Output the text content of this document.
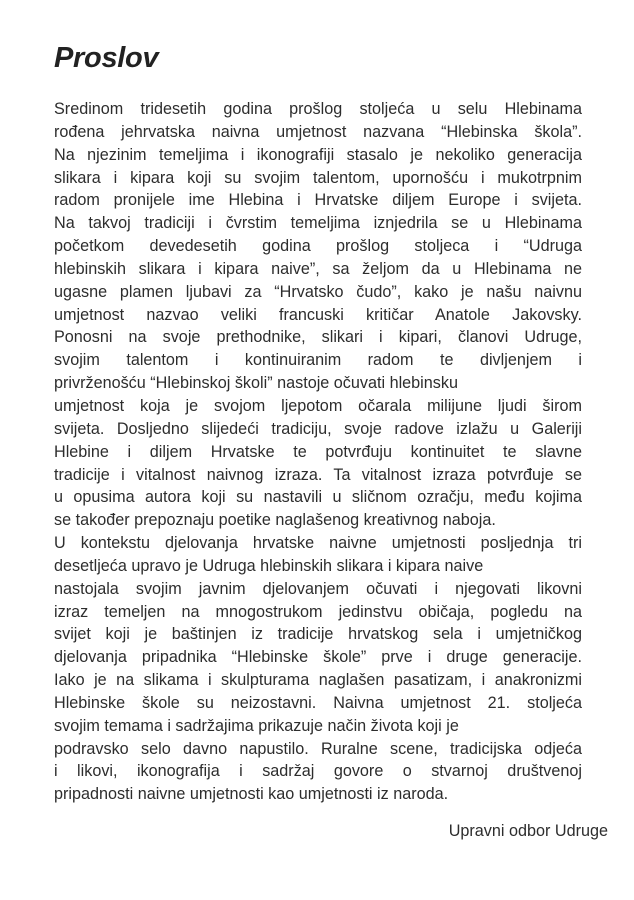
Proslov
Sredinom tridesetih godina prošlog stoljeća u selu Hlebinama
rođena jehrvatska naivna umjetnost nazvana “Hlebinska škola”.
Na njezinim temeljima i ikonografiji stasalo je nekoliko generacija
slikara i kipara koji su svojim talentom, upornošću i mukotrpnim
radom pronijele ime Hlebina i Hrvatske diljem Europe i svijeta.
Na takvoj tradiciji i čvrstim temeljima iznjedrila se u Hlebinama
početkom devedesetih godina prošlog stoljeca i “Udruga
hlebinskih slikara i kipara naive”, sa željom da u Hlebinama ne
ugasne plamen ljubavi za “Hrvatsko čudo”, kako je našu naivnu
umjetnost nazvao veliki francuski kritičar Anatole Jakovsky.
Ponosni na svoje prethodnike, slikari i kipari, članovi Udruge,
svojim talentom i kontinuiranim radom te divljenjem i
privrženošću “Hlebinskoj školi” nastoje očuvati hlebinsku
umjetnost koja je svojom ljepotom očarala milijune ljudi širom
svijeta. Dosljedno slijedeći tradiciju, svoje radove izlažu u Galeriji
Hlebine i diljem Hrvatske te potvrđuju kontinuitet te slavne
tradicije i vitalnost naivnog izraza. Ta vitalnost izraza potvrđuje se
u opusima autora koji su nastavili u sličnom ozračju, među kojima
se također prepoznaju poetike naglašenog kreativnog naboja.
U kontekstu djelovanja hrvatske naivne umjetnosti posljednja tri
desetljeća upravo je Udruga hlebinskih slikara i kipara naive
nastojala svojim javnim djelovanjem očuvati i njegovati likovni
izraz temeljen na mnogostrukom jedinstvu običaja, pogledu na
svijet koji je baštinjen iz tradicije hrvatskog sela i umjetničkog
djelovanja pripadnika “Hlebinske škole” prve i druge generacije.
Iako je na slikama i skulpturama naglašen pasatizam, i anakronizmi
Hlebinske škole su neizostavni. Naivna umjetnost 21. stoljeća
svojim temama i sadržajima prikazuje način života koji je
podravsko selo davno napustilo. Ruralne scene, tradicijska odjeća
i likovi, ikonografija i sadržaj govore o stvarnoj društvenoj
pripadnosti naivne umjetnosti kao umjetnosti iz naroda.

Upravni odbor Udruge
